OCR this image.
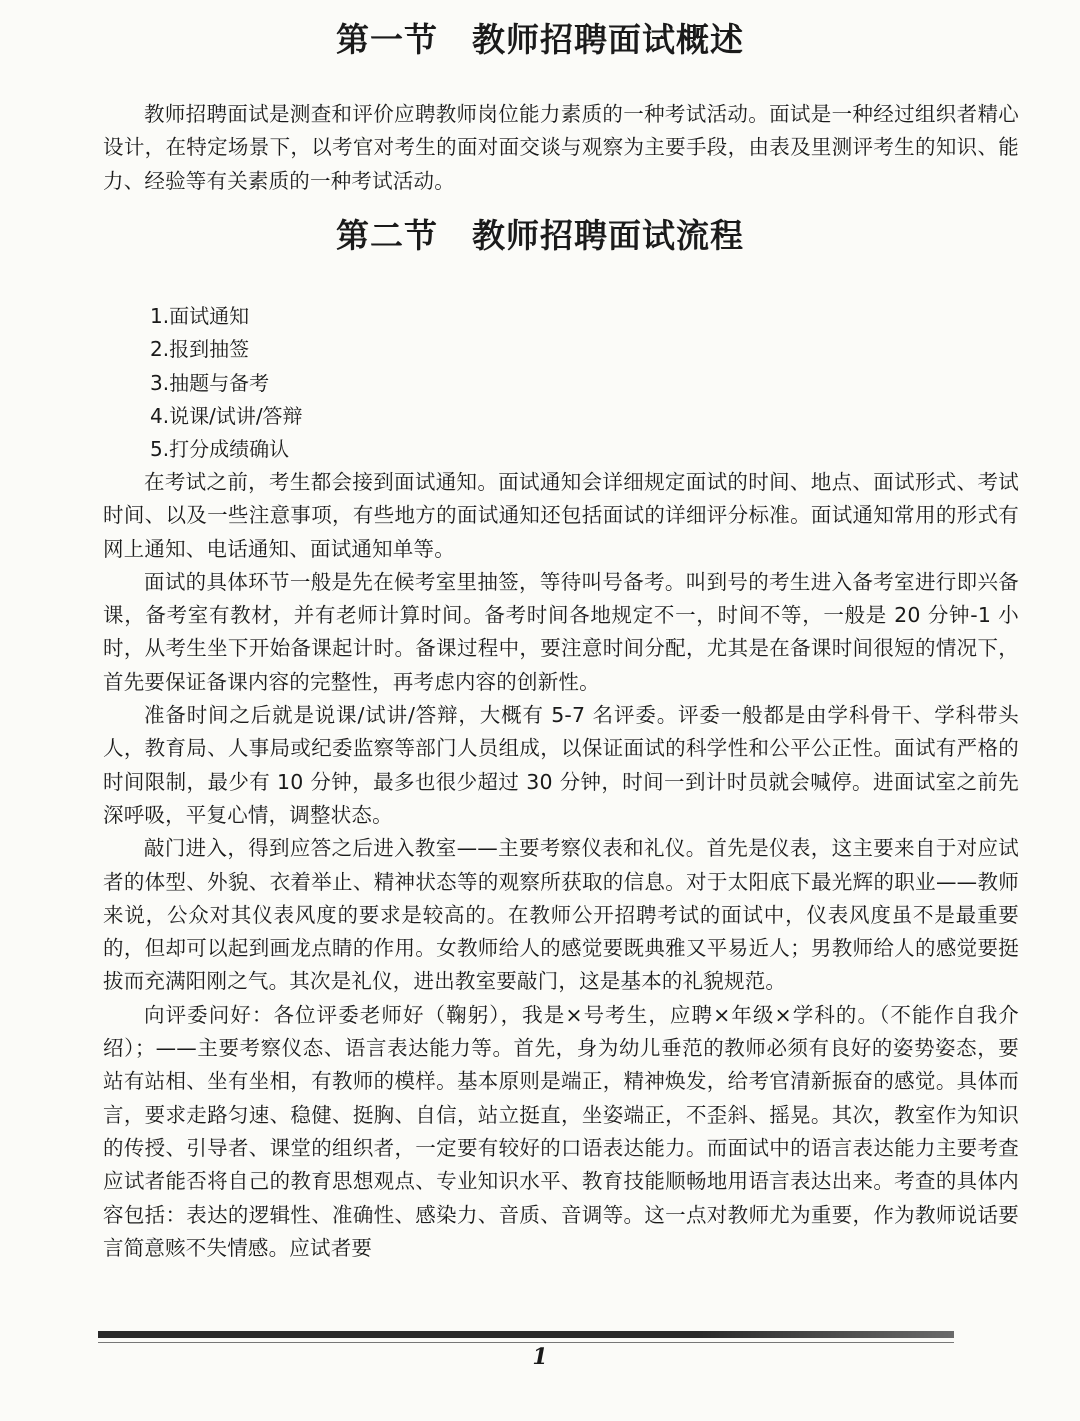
第一节 教师招聘面试概述

教师招聘面试是测查和评价应聘教师岗位能力素质的一种考试活动。面试是一种经过组织者精心设计，在特定场景下，以考官对考生的面对面交谈与观察为主要手段，由表及里测评考生的知识、能力、经验等有关素质的一种考试活动。

第二节 教师招聘面试流程
1.面试通知
2.报到抽签
3.抽题与备考
4.说课/试讲/答辩
5.打分成绩确认

在考试之前，考生都会接到面试通知。面试通知会详细规定面试的时间、地点、面试形式、考试时间、以及一些注意事项，有些地方的面试通知还包括面试的详细评分标准。面试通知常用的形式有网上通知、电话通知、面试通知单等。

面试的具体环节一般是先在候考室里抽签，等待叫号备考。叫到号的考生进入备考室进行即兴备课，备考室有教材，并有老师计算时间。备考时间各地规定不一，时间不等，一般是 20 分钟-1 小时，从考生坐下开始备课起计时。备课过程中，要注意时间分配，尤其是在备课时间很短的情况下，首先要保证备课内容的完整性，再考虑内容的创新性。

准备时间之后就是说课/试讲/答辩，大概有 5-7 名评委。评委一般都是由学科骨干、学科带头人，教育局、人事局或纪委监察等部门人员组成，以保证面试的科学性和公平公正性。面试有严格的时间限制，最少有 10 分钟，最多也很少超过 30 分钟，时间一到计时员就会喊停。进面试室之前先深呼吸，平复心情，调整状态。

敲门进入，得到应答之后进入教室——主要考察仪表和礼仪。首先是仪表，这主要来自于对应试者的体型、外貌、衣着举止、精神状态等的观察所获取的信息。对于太阳底下最光辉的职业——教师来说，公众对其仪表风度的要求是较高的。在教师公开招聘考试的面试中，仪表风度虽不是最重要的，但却可以起到画龙点睛的作用。女教师给人的感觉要既典雅又平易近人；男教师给人的感觉要挺拔而充满阳刚之气。其次是礼仪，进出教室要敲门，这是基本的礼貌规范。

向评委问好：各位评委老师好（鞠躬），我是×号考生，应聘×年级×学科的。（不能作自我介绍）；——主要考察仪态、语言表达能力等。首先，身为幼儿垂范的教师必须有良好的姿势姿态，要站有站相、坐有坐相，有教师的模样。基本原则是端正，精神焕发，给考官清新振奋的感觉。具体而言，要求走路匀速、稳健、挺胸、自信，站立挺直，坐姿端正，不歪斜、摇晃。其次，教室作为知识的传授、引导者、课堂的组织者，一定要有较好的口语表达能力。而面试中的语言表达能力主要考查应试者能否将自己的教育思想观点、专业知识水平、教育技能顺畅地用语言表达出来。考查的具体内容包括：表达的逻辑性、准确性、感染力、音质、音调等。这一点对教师尤为重要，作为教师说话要言简意赅不失情感。应试者要

1
